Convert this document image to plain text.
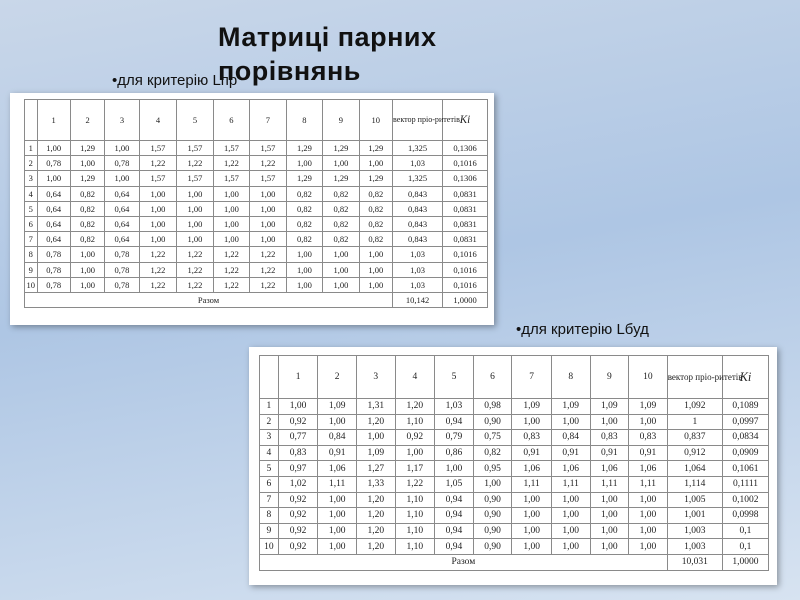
Матриці парних порівнянь
•для критерію Lпр
•для критерію Lбуд
	1	2	3	4	5	6	7	8	9	10	вектор прio-ритетів	Ki
1	1,00	1,29	1,00	1,57	1,57	1,57	1,57	1,29	1,29	1,29	1,325	0,1306
2	0,78	1,00	0,78	1,22	1,22	1,22	1,22	1,00	1,00	1,00	1,03	0,1016
3	1,00	1,29	1,00	1,57	1,57	1,57	1,57	1,29	1,29	1,29	1,325	0,1306
4	0,64	0,82	0,64	1,00	1,00	1,00	1,00	0,82	0,82	0,82	0,843	0,0831
5	0,64	0,82	0,64	1,00	1,00	1,00	1,00	0,82	0,82	0,82	0,843	0,0831
6	0,64	0,82	0,64	1,00	1,00	1,00	1,00	0,82	0,82	0,82	0,843	0,0831
7	0,64	0,82	0,64	1,00	1,00	1,00	1,00	0,82	0,82	0,82	0,843	0,0831
8	0,78	1,00	0,78	1,22	1,22	1,22	1,22	1,00	1,00	1,00	1,03	0,1016
9	0,78	1,00	0,78	1,22	1,22	1,22	1,22	1,00	1,00	1,00	1,03	0,1016
10	0,78	1,00	0,78	1,22	1,22	1,22	1,22	1,00	1,00	1,00	1,03	0,1016
Разом											10,142	1,0000
	1	2	3	4	5	6	7	8	9	10	вектор прio-ритетів	Ki
1	1,00	1,09	1,31	1,20	1,03	0,98	1,09	1,09	1,09	1,09	1,092	0,1089
2	0,92	1,00	1,20	1,10	0,94	0,90	1,00	1,00	1,00	1,00	1	0,0997
3	0,77	0,84	1,00	0,92	0,79	0,75	0,83	0,84	0,83	0,83	0,837	0,0834
4	0,83	0,91	1,09	1,00	0,86	0,82	0,91	0,91	0,91	0,91	0,912	0,0909
5	0,97	1,06	1,27	1,17	1,00	0,95	1,06	1,06	1,06	1,06	1,064	0,1061
6	1,02	1,11	1,33	1,22	1,05	1,00	1,11	1,11	1,11	1,11	1,114	0,1111
7	0,92	1,00	1,20	1,10	0,94	0,90	1,00	1,00	1,00	1,00	1,005	0,1002
8	0,92	1,00	1,20	1,10	0,94	0,90	1,00	1,00	1,00	1,00	1,001	0,0998
9	0,92	1,00	1,20	1,10	0,94	0,90	1,00	1,00	1,00	1,00	1,003	0,1
10	0,92	1,00	1,20	1,10	0,94	0,90	1,00	1,00	1,00	1,00	1,003	0,1
Разом											10,031	1,0000
